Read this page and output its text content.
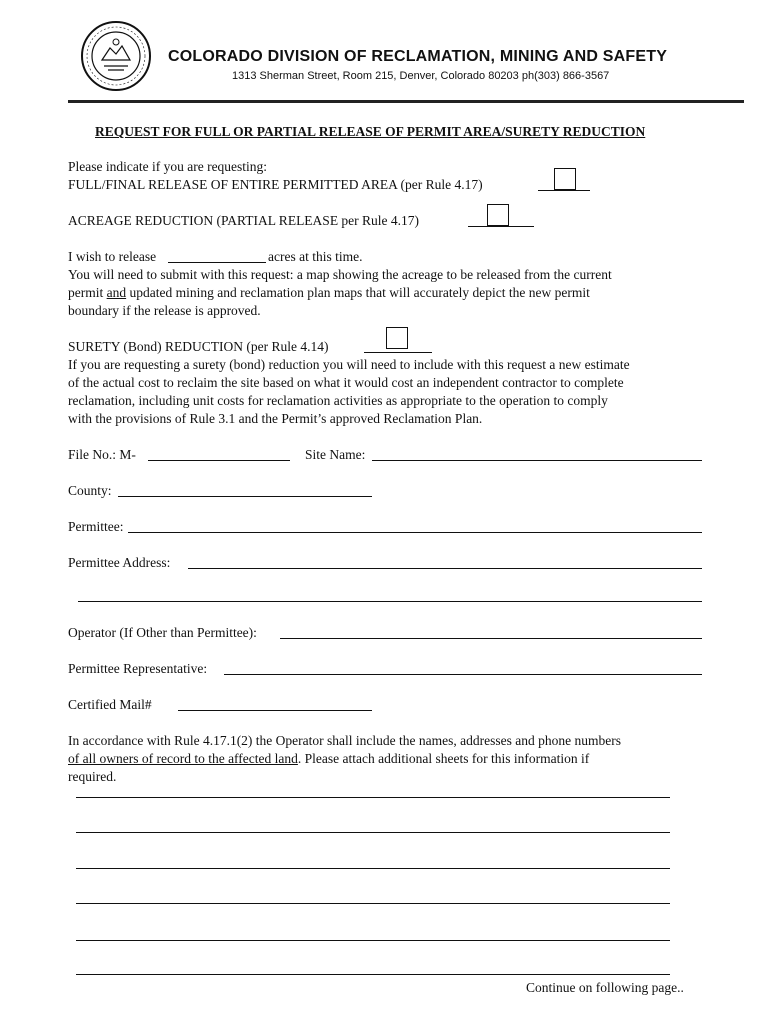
COLORADO DIVISION OF RECLAMATION, MINING AND SAFETY
1313 Sherman Street, Room 215, Denver, Colorado 80203 ph(303) 866-3567
REQUEST FOR FULL OR PARTIAL RELEASE OF PERMIT AREA/SURETY REDUCTION
Please indicate if you are requesting:
FULL/FINAL RELEASE OF ENTIRE PERMITTED AREA (per Rule 4.17)
ACREAGE REDUCTION (PARTIAL RELEASE per Rule 4.17)
I wish to release	acres at this time.
You will need to submit with this request: a map showing the acreage to be released from the current
permit and updated mining and reclamation plan maps that will accurately depict the new permit
boundary if the release is approved.
SURETY (Bond) REDUCTION (per Rule 4.14)
If you are requesting a surety (bond) reduction you will need to include with this request a new estimate
of the actual cost to reclaim the site based on what it would cost an independent contractor to complete
reclamation, including unit costs for reclamation activities as appropriate to the operation to comply
with the provisions of Rule 3.1 and the Permit’s approved Reclamation Plan.
File No.: M-	Site Name:
County:
Permittee:
Permittee Address:
Operator (If Other than Permittee):
Permittee Representative:
Certified Mail#
In accordance with Rule 4.17.1(2) the Operator shall include the names, addresses and phone numbers
of all owners of record to the affected land. Please attach additional sheets for this information if
required.
Continue on following page..
